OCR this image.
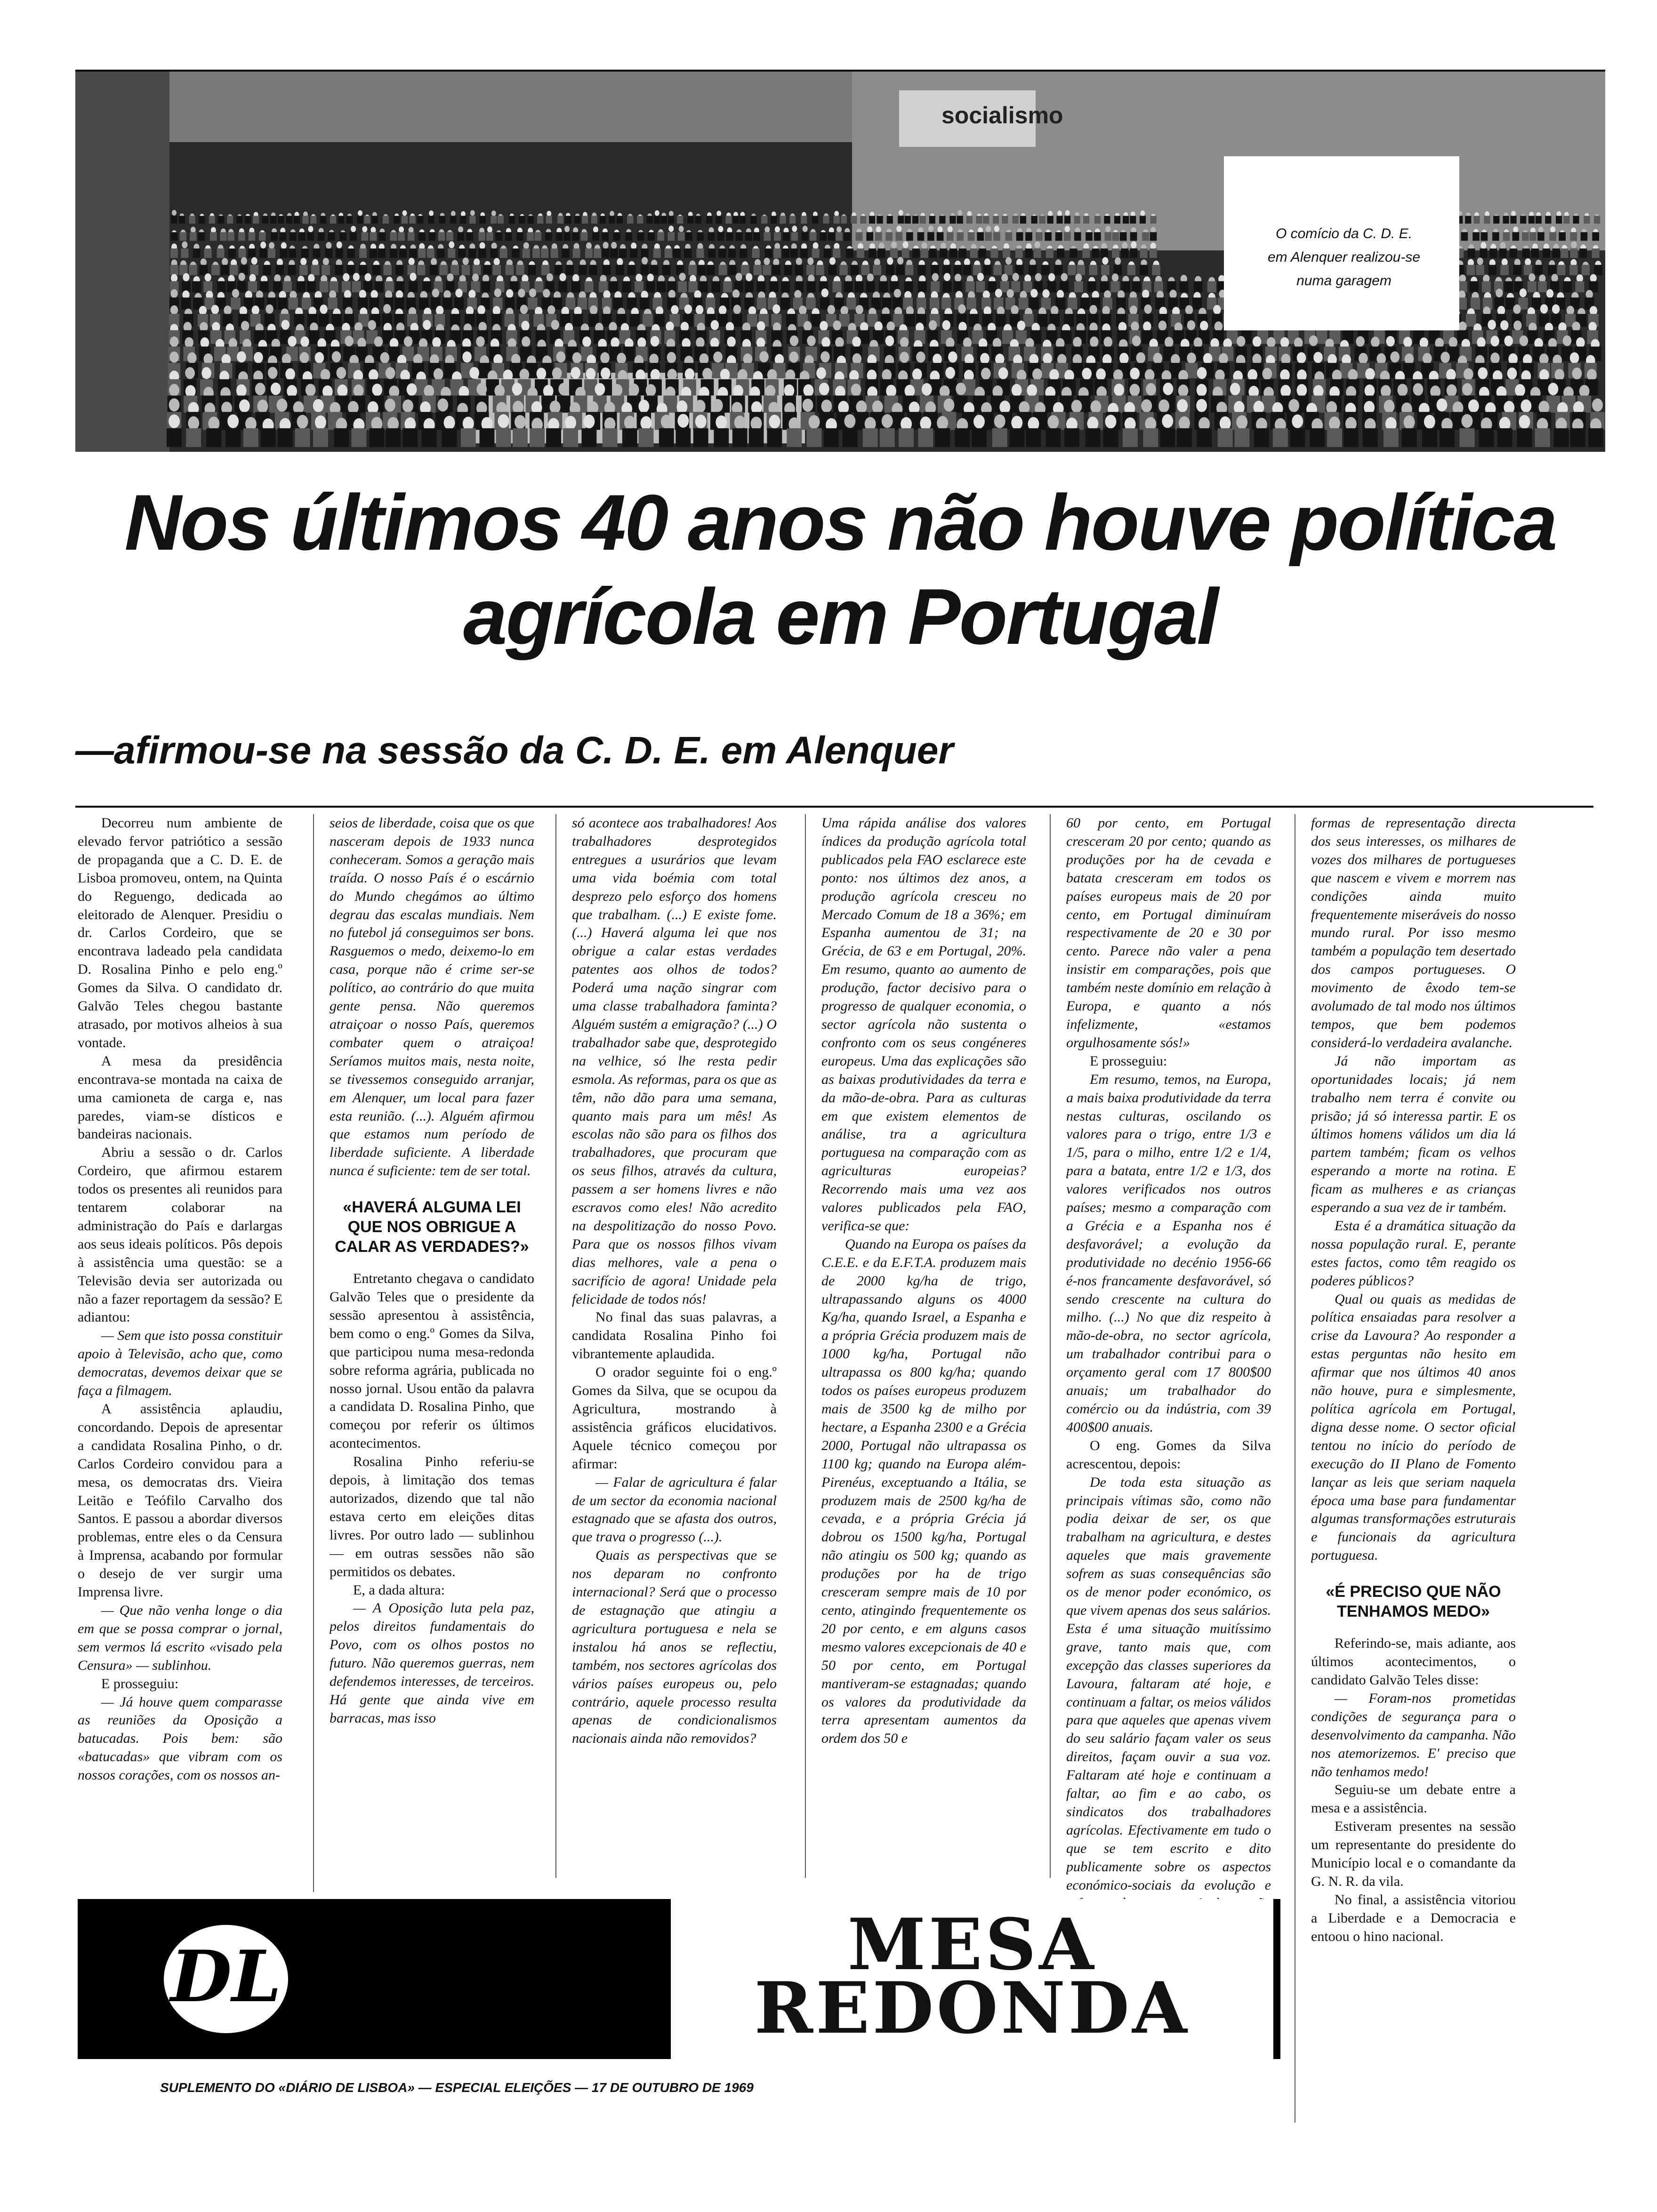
socialismo
O comício da C. D. E.
em Alenquer realizou-se
numa garagem
Nos últimos 40 anos não houve política
agrícola em Portugal
—afirmou-se na sessão da C. D. E. em Alenquer

Decorreu num ambiente de elevado fervor patriótico a sessão de propaganda que a C. D. E. de Lisboa promoveu, ontem, na Quinta do Reguengo, dedicada ao eleitorado de Alenquer. Presidiu o dr. Carlos Cordeiro, que se encontrava ladeado pela candidata D. Rosalina Pinho e pelo eng.º Gomes da Silva. O candidato dr. Galvão Teles chegou bastante atrasado, por motivos alheios à sua vontade.

A mesa da presidência encontrava-se montada na caixa de uma camioneta de carga e, nas paredes, viam-se dísticos e bandeiras nacionais.

Abriu a sessão o dr. Carlos Cordeiro, que afirmou estarem todos os presentes ali reunidos para tentarem colaborar na administração do País e darlargas aos seus ideais políticos. Pôs depois à assistência uma questão: se a Televisão devia ser autorizada ou não a fazer reportagem da sessão? E adiantou:

— Sem que isto possa constituir apoio à Televisão, acho que, como democratas, devemos deixar que se faça a filmagem.

A assistência aplaudiu, concordando. Depois de apresentar a candidata Rosalina Pinho, o dr. Carlos Cordeiro convidou para a mesa, os democratas drs. Vieira Leitão e Teófilo Carvalho dos Santos. E passou a abordar diversos problemas, entre eles o da Censura à Imprensa, acabando por formular o desejo de ver surgir uma Imprensa livre.

— Que não venha longe o dia em que se possa comprar o jornal, sem vermos lá escrito «visado pela Censura» — sublinhou.

E prosseguiu:

— Já houve quem comparasse as reuniões da Oposição a batucadas. Pois bem: são «batucadas» que vibram com os nossos corações, com os nossos an-

seios de liberdade, coisa que os que nasceram depois de 1933 nunca conheceram. Somos a geração mais traída. O nosso País é o escárnio do Mundo chegámos ao último degrau das escalas mundiais. Nem no futebol já conseguimos ser bons. Rasguemos o medo, deixemo-lo em casa, porque não é crime ser-se político, ao contrário do que muita gente pensa. Não queremos atraiçoar o nosso País, queremos combater quem o atraiçoa! Seríamos muitos mais, nesta noite, se tivessemos conseguido arranjar, em Alenquer, um local para fazer esta reunião. (...). Alguém afirmou que estamos num período de liberdade suficiente. A liberdade nunca é suficiente: tem de ser total.

«HAVERÁ ALGUMA LEI QUE NOS OBRIGUE A CALAR AS VERDADES?»

Entretanto chegava o candidato Galvão Teles que o presidente da sessão apresentou à assistência, bem como o eng.º Gomes da Silva, que participou numa mesa-redonda sobre reforma agrária, publicada no nosso jornal. Usou então da palavra a candidata D. Rosalina Pinho, que começou por referir os últimos acontecimentos.

Rosalina Pinho referiu-se depois, à limitação dos temas autorizados, dizendo que tal não estava certo em eleições ditas livres. Por outro lado — sublinhou — em outras sessões não são permitidos os debates.

E, a dada altura:

— A Oposição luta pela paz, pelos direitos fundamentais do Povo, com os olhos postos no futuro. Não queremos guerras, nem defendemos interesses, de terceiros. Há gente que ainda vive em barracas, mas isso

só acontece aos trabalhadores! Aos trabalhadores desprotegidos entregues a usurários que levam uma vida boémia com total desprezo pelo esforço dos homens que trabalham. (...) E existe fome. (...) Haverá alguma lei que nos obrigue a calar estas verdades patentes aos olhos de todos? Poderá uma nação singrar com uma classe trabalhadora faminta? Alguém sustém a emigração? (...) O trabalhador sabe que, desprotegido na velhice, só lhe resta pedir esmola. As reformas, para os que as têm, não dão para uma semana, quanto mais para um mês! As escolas não são para os filhos dos trabalhadores, que procuram que os seus filhos, através da cultura, passem a ser homens livres e não escravos como eles! Não acredito na despolitização do nosso Povo. Para que os nossos filhos vivam dias melhores, vale a pena o sacrifício de agora! Unidade pela felicidade de todos nós!

No final das suas palavras, a candidata Rosalina Pinho foi vibrantemente aplaudida.

O orador seguinte foi o eng.º Gomes da Silva, que se ocupou da Agricultura, mostrando à assistência gráficos elucidativos. Aquele técnico começou por afirmar:

— Falar de agricultura é falar de um sector da economia nacional estagnado que se afasta dos outros, que trava o progresso (...).

Quais as perspectivas que se nos deparam no confronto internacional? Será que o processo de estagnação que atingiu a agricultura portuguesa e nela se instalou há anos se reflectiu, também, nos sectores agrícolas dos vários países europeus ou, pelo contrário, aquele processo resulta apenas de condicionalismos nacionais ainda não removidos?

Uma rápida análise dos valores índices da produção agrícola total publicados pela FAO esclarece este ponto: nos últimos dez anos, a produção agrícola cresceu no Mercado Comum de 18 a 36%; em Espanha aumentou de 31; na Grécia, de 63 e em Portugal, 20%. Em resumo, quanto ao aumento de produção, factor decisivo para o progresso de qualquer economia, o sector agrícola não sustenta o confronto com os seus congéneres europeus. Uma das explicações são as baixas produtividades da terra e da mão-de-obra. Para as culturas em que existem elementos de análise, tra a agricultura portuguesa na comparação com as agriculturas europeias? Recorrendo mais uma vez aos valores publicados pela FAO, verifica-se que:

Quando na Europa os países da C.E.E. e da E.F.T.A. produzem mais de 2000 kg/ha de trigo, ultrapassando alguns os 4000 Kg/ha, quando Israel, a Espanha e a própria Grécia produzem mais de 1000 kg/ha, Portugal não ultrapassa os 800 kg/ha; quando todos os países europeus produzem mais de 3500 kg de milho por hectare, a Espanha 2300 e a Grécia 2000, Portugal não ultrapassa os 1100 kg; quando na Europa além-Pirenéus, exceptuando a Itália, se produzem mais de 2500 kg/ha de cevada, e a própria Grécia já dobrou os 1500 kg/ha, Portugal não atingiu os 500 kg; quando as produções por ha de trigo cresceram sempre mais de 10 por cento, atingindo frequentemente os 20 por cento, e em alguns casos mesmo valores excepcionais de 40 e 50 por cento, em Portugal mantiveram-se estagnadas; quando os valores da produtividade da terra apresentam aumentos da ordem dos 50 e

60 por cento, em Portugal cresceram 20 por cento; quando as produções por ha de cevada e batata cresceram em todos os países europeus mais de 20 por cento, em Portugal diminuíram respectivamente de 20 e 30 por cento. Parece não valer a pena insistir em comparações, pois que também neste domínio em relação à Europa, e quanto a nós infelizmente, «estamos orgulhosamente sós!»

E prosseguiu:

Em resumo, temos, na Europa, a mais baixa produtividade da terra nestas culturas, oscilando os valores para o trigo, entre 1/3 e 1/5, para o milho, entre 1/2 e 1/4, para a batata, entre 1/2 e 1/3, dos valores verificados nos outros países; mesmo a comparação com a Grécia e a Espanha nos é desfavorável; a evolução da produtividade no decénio 1956-66 é-nos francamente desfavorável, só sendo crescente na cultura do milho. (...) No que diz respeito à mão-de-obra, no sector agrícola, um trabalhador contribui para o orçamento geral com 17 800$00 anuais; um trabalhador do comércio ou da indústria, com 39 400$00 anuais.

O eng. Gomes da Silva acrescentou, depois:

De toda esta situação as principais vítimas são, como não podia deixar de ser, os que trabalham na agricultura, e destes aqueles que mais gravemente sofrem as suas consequências são os de menor poder económico, os que vivem apenas dos seus salários. Esta é uma situação muitíssimo grave, tanto mais que, com excepção das classes superiores da Lavoura, faltaram até hoje, e continuam a faltar, os meios válidos para que aqueles que apenas vivem do seu salário façam valer os seus direitos, façam ouvir a sua voz. Faltaram até hoje e continuam a faltar, ao fim e ao cabo, os sindicatos dos trabalhadores agrícolas. Efectivamente em tudo o que se tem escrito e dito publicamente sobre os aspectos económico-sociais da evolução e

formas de representação directa dos seus interesses, os milhares de vozes dos milhares de portugueses que nascem e vivem e morrem nas condições ainda muito frequentemente miseráveis do nosso mundo rural. Por isso mesmo também a população tem desertado dos campos portugueses. O movimento de êxodo tem-se avolumado de tal modo nos últimos tempos, que bem podemos considerá-lo verdadeira avalanche.

Já não importam as oportunidades locais; já nem trabalho nem terra é convite ou prisão; já só interessa partir. E os últimos homens válidos um dia lá partem também; ficam os velhos esperando a morte na rotina. E ficam as mulheres e as crianças esperando a sua vez de ir também.

Esta é a dramática situação da nossa população rural. E, perante estes factos, como têm reagido os poderes públicos?

Qual ou quais as medidas de política ensaiadas para resolver a crise da Lavoura? Ao responder a estas perguntas não hesito em afirmar que nos últimos 40 anos não houve, pura e simplesmente, política agrícola em Portugal, digna desse nome. O sector oficial tentou no início do período de execução do II Plano de Fomento lançar as leis que seriam naquela época uma base para fundamentar algumas transformações estruturais e funcionais da agricultura portuguesa.

«É PRECISO QUE NÃO TENHAMOS MEDO»

Referindo-se, mais adiante, aos últimos acontecimentos, o candidato Galvão Teles disse:

— Foram-nos prometidas condições de segurança para o desenvolvimento da campanha. Não nos atemorizemos. E' preciso que não tenhamos medo!

Seguiu-se um debate entre a mesa e a assistência.

Estiveram presentes na sessão um representante do presidente do Município local e o comandante da G. N. R. da vila.

No final, a assistência vitoriou a Liberdade e a Democracia e entoou o hino nacional.

DL	MESA
REDONDA
SUPLEMENTO DO «DIÁRIO DE LISBOA» — ESPECIAL ELEIÇÕES — 17 DE OUTUBRO DE 1969
